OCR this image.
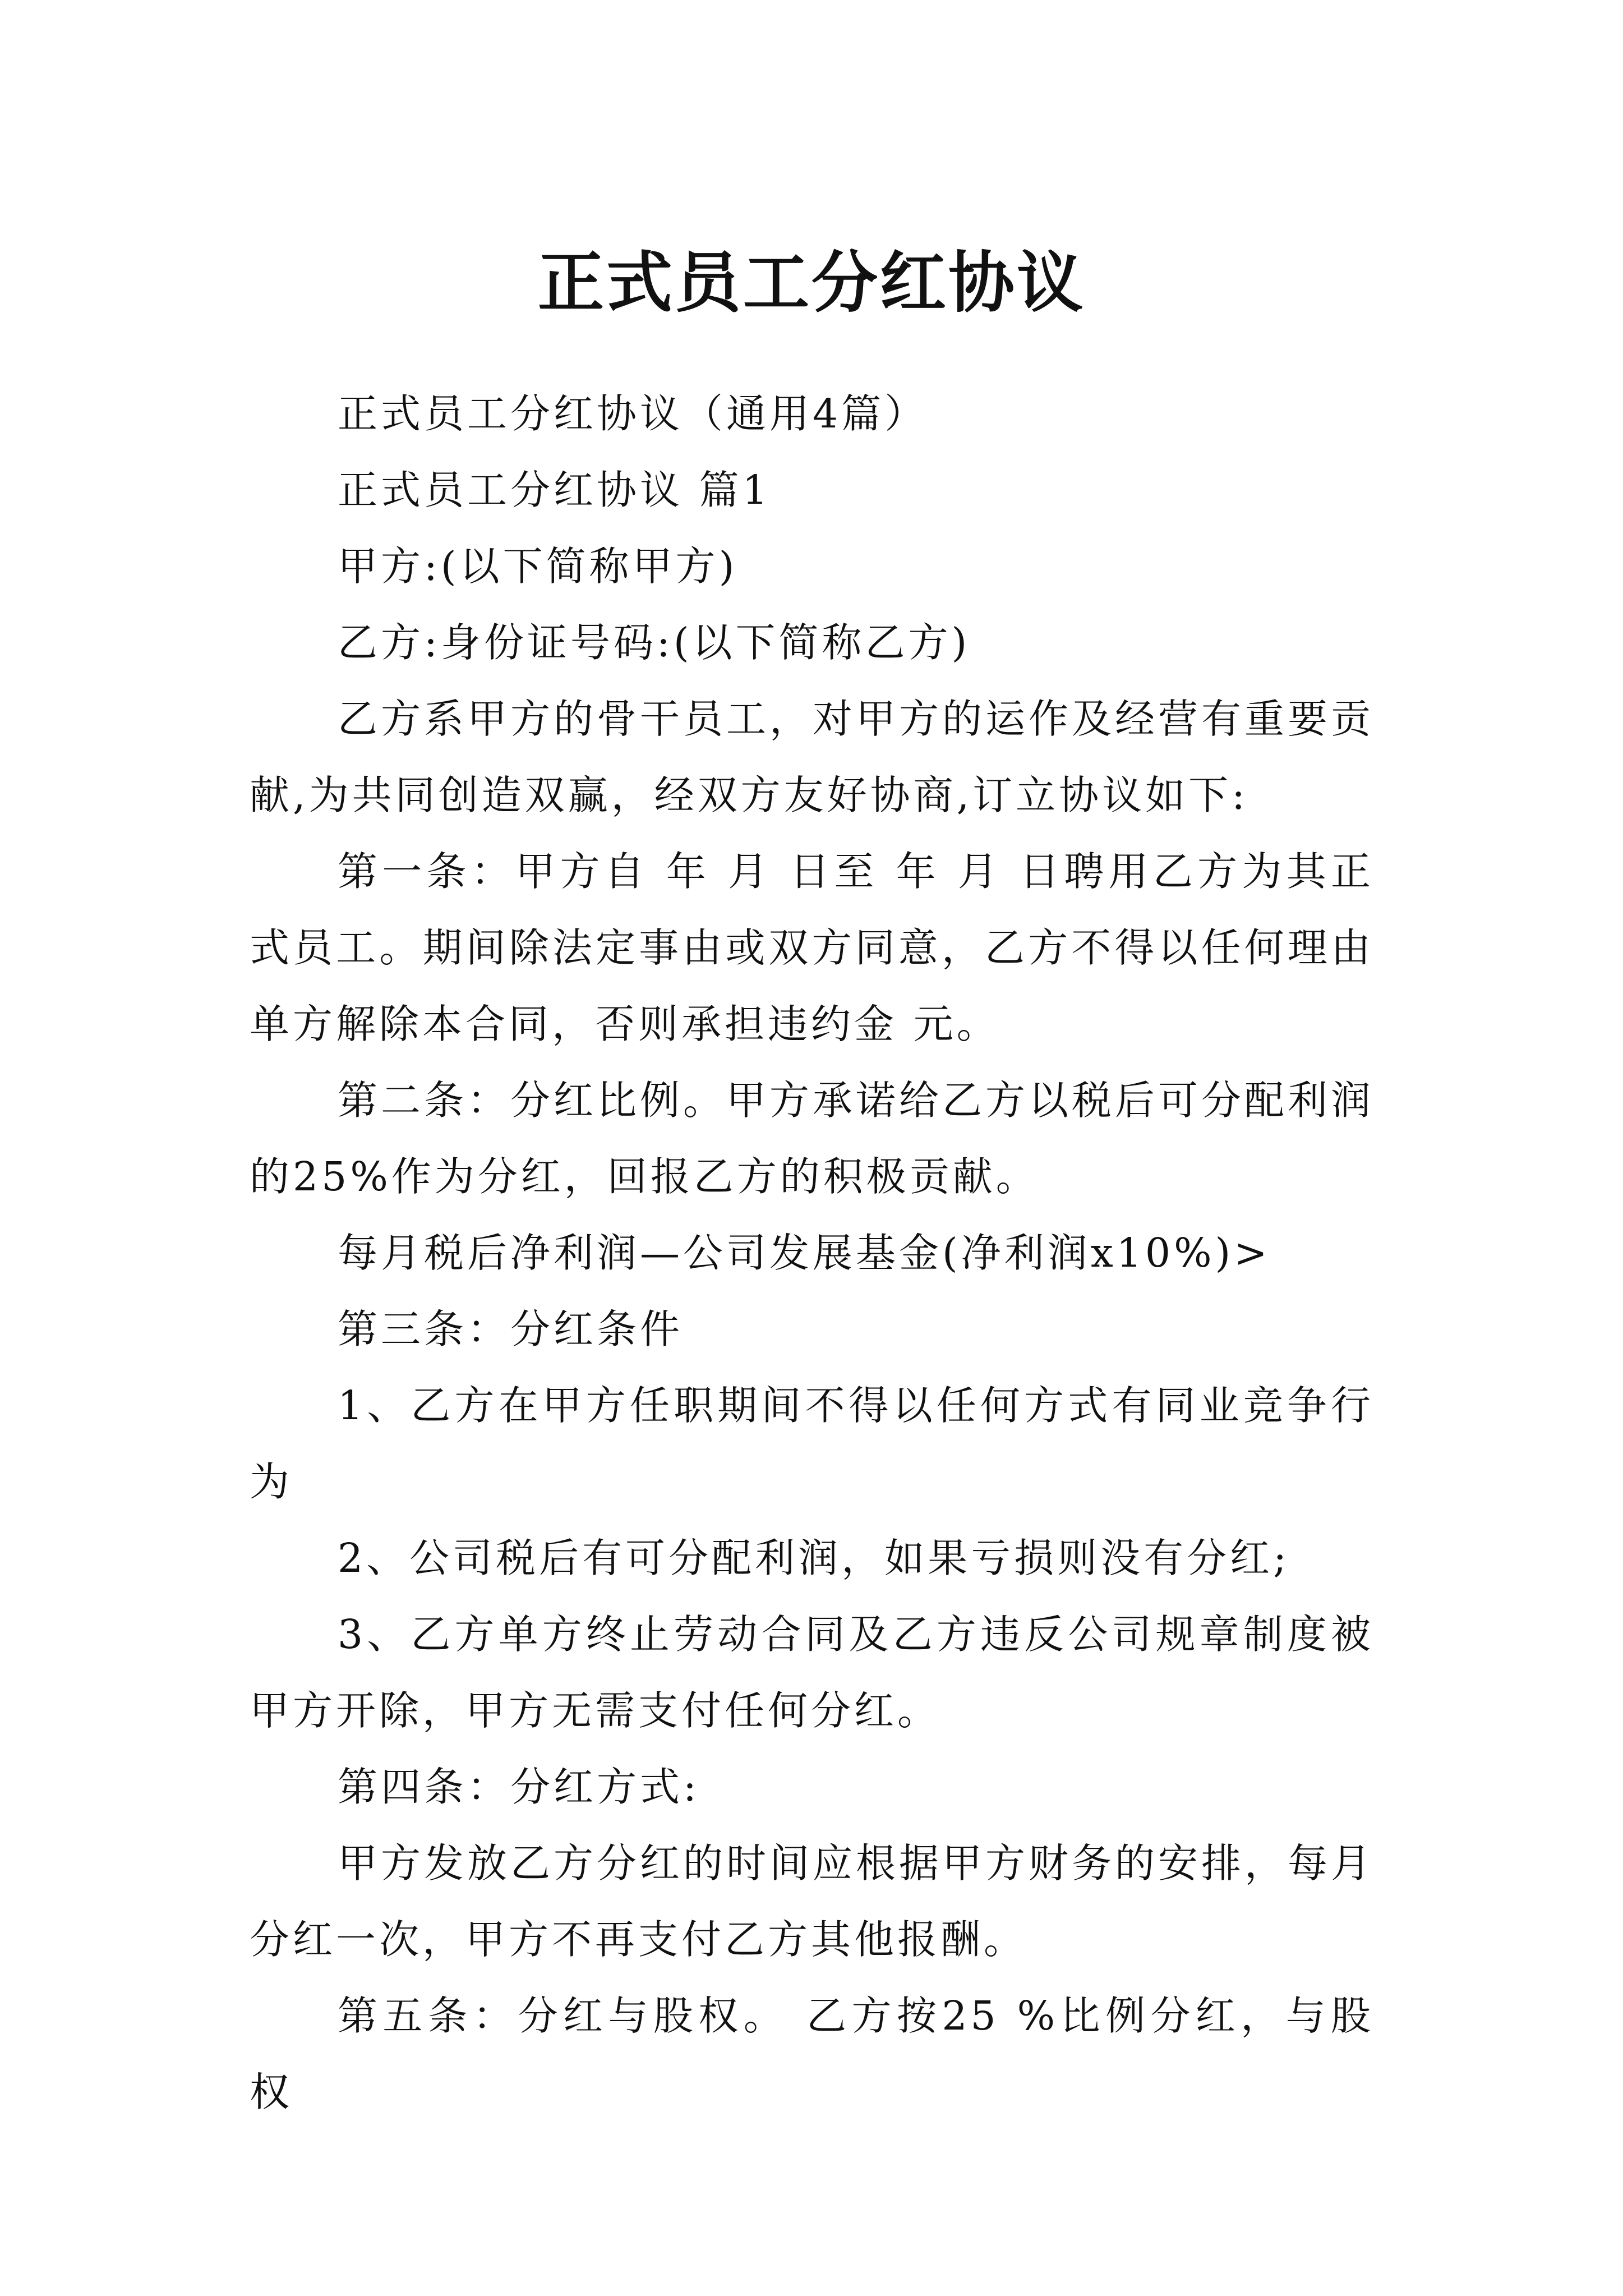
正式员工分红协议

正式员工分红协议（通用4篇）

正式员工分红协议 篇1

甲方:(以下简称甲方)

乙方:身份证号码:(以下简称乙方)

乙方系甲方的骨干员工，对甲方的运作及经营有重要贡献,为共同创造双赢，经双方友好协商,订立协议如下:

第一条：甲方自 年 月 日至 年 月 日聘用乙方为其正式员工。期间除法定事由或双方同意，乙方不得以任何理由单方解除本合同，否则承担违约金 元。

第二条：分红比例。甲方承诺给乙方以税后可分配利润的25%作为分红，回报乙方的积极贡献。

每月税后净利润—公司发展基金(净利润x10%)>

第三条：分红条件

1、乙方在甲方任职期间不得以任何方式有同业竞争行为

2、公司税后有可分配利润，如果亏损则没有分红;

3、乙方单方终止劳动合同及乙方违反公司规章制度被甲方开除，甲方无需支付任何分红。

第四条：分红方式:

甲方发放乙方分红的时间应根据甲方财务的安排，每月分红一次，甲方不再支付乙方其他报酬。

第五条：分红与股权。 乙方按25 %比例分红，与股权
